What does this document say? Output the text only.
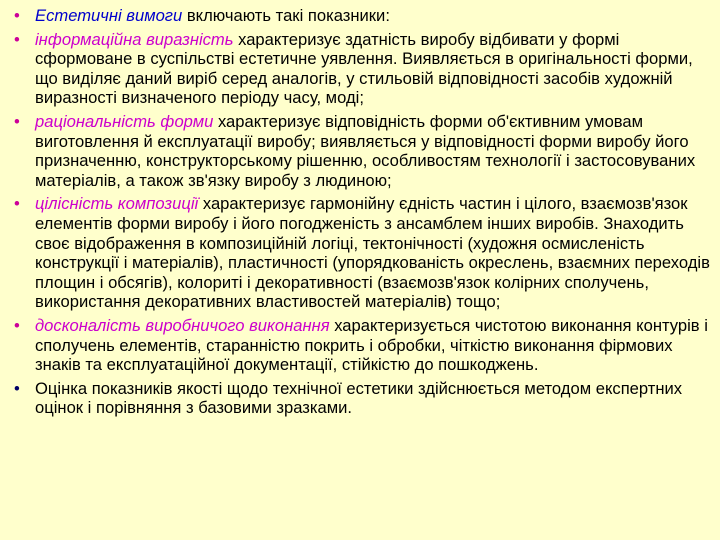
• Естетичні вимоги включають такі показники:
• інформаційна виразність характеризує здатність виробу відбивати у формі сформоване в суспільстві естетичне уявлення. Виявляється в оригінальності форми, що виділяє даний виріб серед аналогів, у стильовій відповідності засобів художній виразності визначеного періоду часу, моді;
• раціональність форми характеризує відповідність форми об'єктивним умовам виготовлення й експлуатації виробу; виявляється у відповідності форми виробу його призначенню, конструкторському рішенню, особливостям технології і застосовуваних матеріалів, а також зв'язку виробу з людиною;
• цілісність композиції характеризує гармонійну єдність частин і цілого, взаємозв'язок елементів форми виробу і його погодженість з ансамблем інших виробів. Знаходить своє відображення в композиційній логіці, тектонічності (художня осмисленість конструкції і матеріалів), пластичності (упорядкованість окреслень, взаємних переходів площин і обсягів), колориті і декоративності (взаємозв'язок колірних сполучень, використання декоративних властивостей матеріалів) тощо;
• досконалість виробничого виконання характеризується чистотою виконання контурів і сполучень елементів, старанністю покрить і обробки, чіткістю виконання фірмових знаків та експлуатаційної документації, стійкістю до пошкоджень.
• Оцінка показників якості щодо технічної естетики здійснюється методом експертних оцінок і порівняння з базовими зразками.
